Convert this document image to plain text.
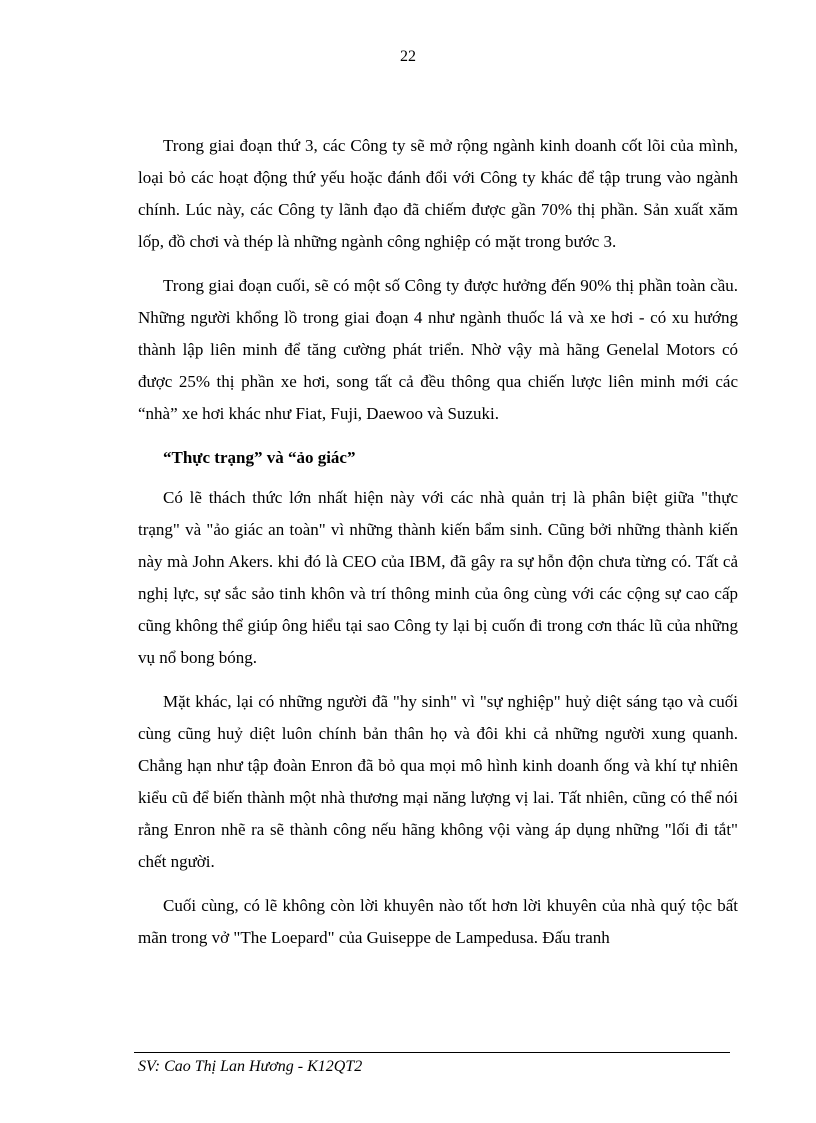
22

Trong giai đoạn thứ 3, các Công ty sẽ mở rộng ngành kinh doanh cốt lõi của mình, loại bỏ các hoạt động thứ yếu hoặc đánh đổi với Công ty khác để tập trung vào ngành chính. Lúc này, các Công ty lãnh đạo đã chiếm được gần 70% thị phần. Sản xuất xăm lốp, đồ chơi và thép là những ngành công nghiệp có mặt trong bước 3.

Trong giai đoạn cuối, sẽ có một số Công ty được hưởng đến 90% thị phần toàn cầu. Những người khổng lồ trong giai đoạn 4 như ngành thuốc lá và xe hơi - có xu hướng thành lập liên minh để tăng cường phát triển. Nhờ vậy mà hãng Genelal Motors có được 25% thị phần xe hơi, song tất cả đều thông qua chiến lược liên minh mới các “nhà” xe hơi khác như Fiat, Fuji, Daewoo và Suzuki.

“Thực trạng” và “ảo giác”

Có lẽ thách thức lớn nhất hiện này với các nhà quản trị là phân biệt giữa "thực trạng" và "ảo giác an toàn" vì những thành kiến bẩm sinh. Cũng bởi những thành kiến này mà John Akers. khi đó là CEO của IBM, đã gây ra sự hỗn độn chưa từng có. Tất cả nghị lực, sự sắc sảo tinh khôn và trí thông minh của ông cùng với các cộng sự cao cấp cũng không thể giúp ông hiểu tại sao Công ty lại bị cuốn đi trong cơn thác lũ của những vụ nổ bong bóng.

Mặt khác, lại có những người đã "hy sinh" vì "sự nghiệp" huỷ diệt sáng tạo và cuối cùng cũng huỷ diệt luôn chính bản thân họ và đôi khi cả những người xung quanh. Chẳng hạn như tập đoàn Enron đã bỏ qua mọi mô hình kinh doanh ống và khí tự nhiên kiểu cũ để biến thành một nhà thương mại năng lượng vị lai. Tất nhiên, cũng có thể nói rằng Enron nhẽ ra sẽ thành công nếu hãng không vội vàng áp dụng những "lối đi tắt" chết người.

Cuối cùng, có lẽ không còn lời khuyên nào tốt hơn lời khuyên của nhà quý tộc bất mãn trong vở "The Loepard" của Guiseppe de Lampedusa. Đấu tranh

SV: Cao Thị Lan Hương - K12QT2
